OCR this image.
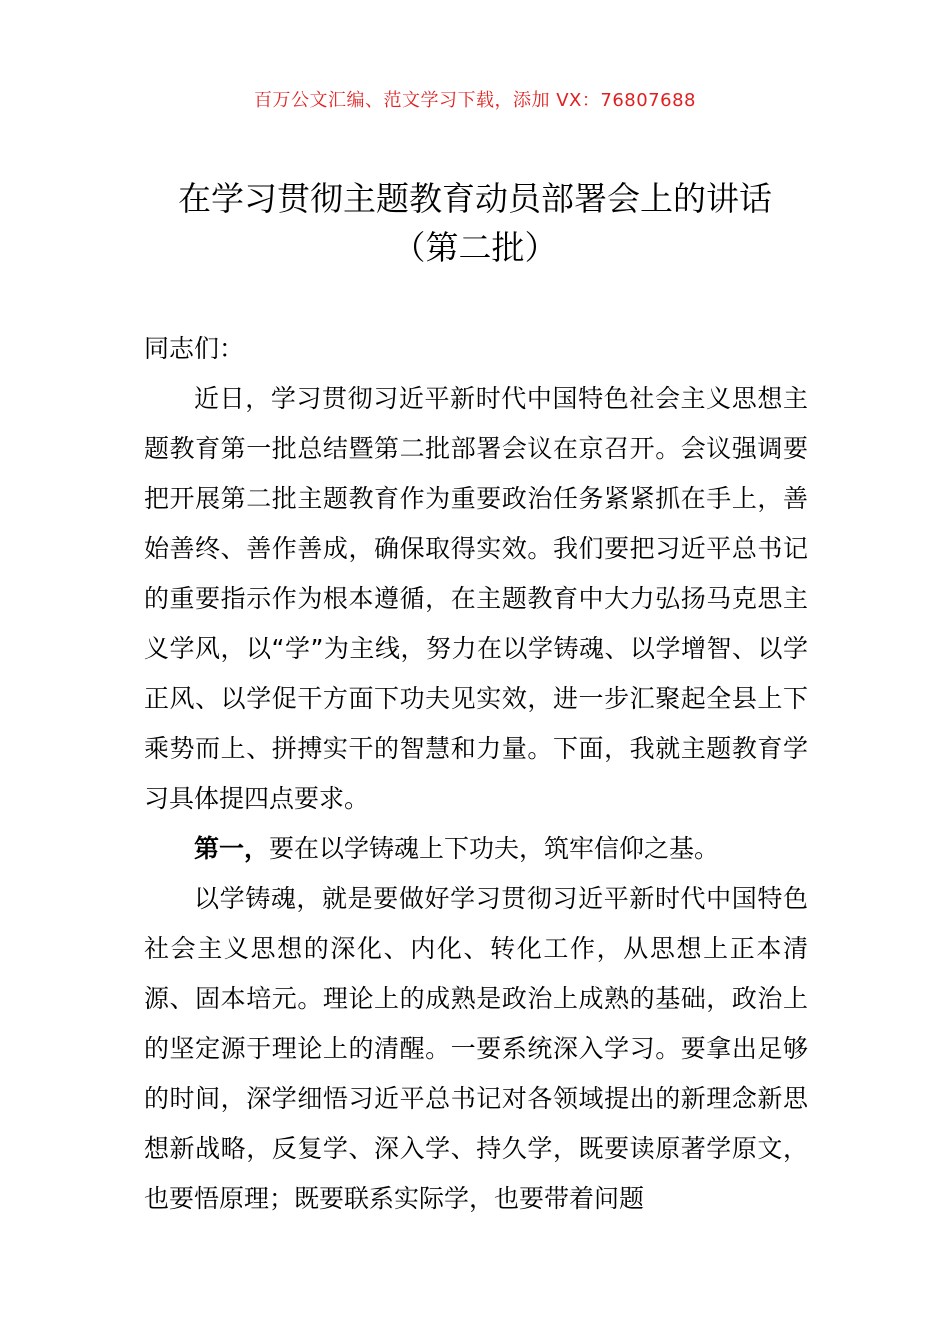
百万公文汇编、范文学习下载，添加 VX：76807688
在学习贯彻主题教育动员部署会上的讲话
（第二批）

同志们：

近日，学习贯彻习近平新时代中国特色社会主义思想主题教育第一批总结暨第二批部署会议在京召开。会议强调要把开展第二批主题教育作为重要政治任务紧紧抓在手上，善始善终、善作善成，确保取得实效。我们要把习近平总书记的重要指示作为根本遵循，在主题教育中大力弘扬马克思主义学风，以“学”为主线，努力在以学铸魂、以学增智、以学正风、以学促干方面下功夫见实效，进一步汇聚起全县上下乘势而上、拼搏实干的智慧和力量。下面，我就主题教育学习具体提四点要求。

第一，要在以学铸魂上下功夫，筑牢信仰之基。

以学铸魂，就是要做好学习贯彻习近平新时代中国特色社会主义思想的深化、内化、转化工作，从思想上正本清源、固本培元。理论上的成熟是政治上成熟的基础，政治上的坚定源于理论上的清醒。一要系统深入学习。要拿出足够的时间，深学细悟习近平总书记对各领域提出的新理念新思想新战略，反复学、深入学、持久学，既要读原著学原文，也要悟原理；既要联系实际学，也要带着问题
